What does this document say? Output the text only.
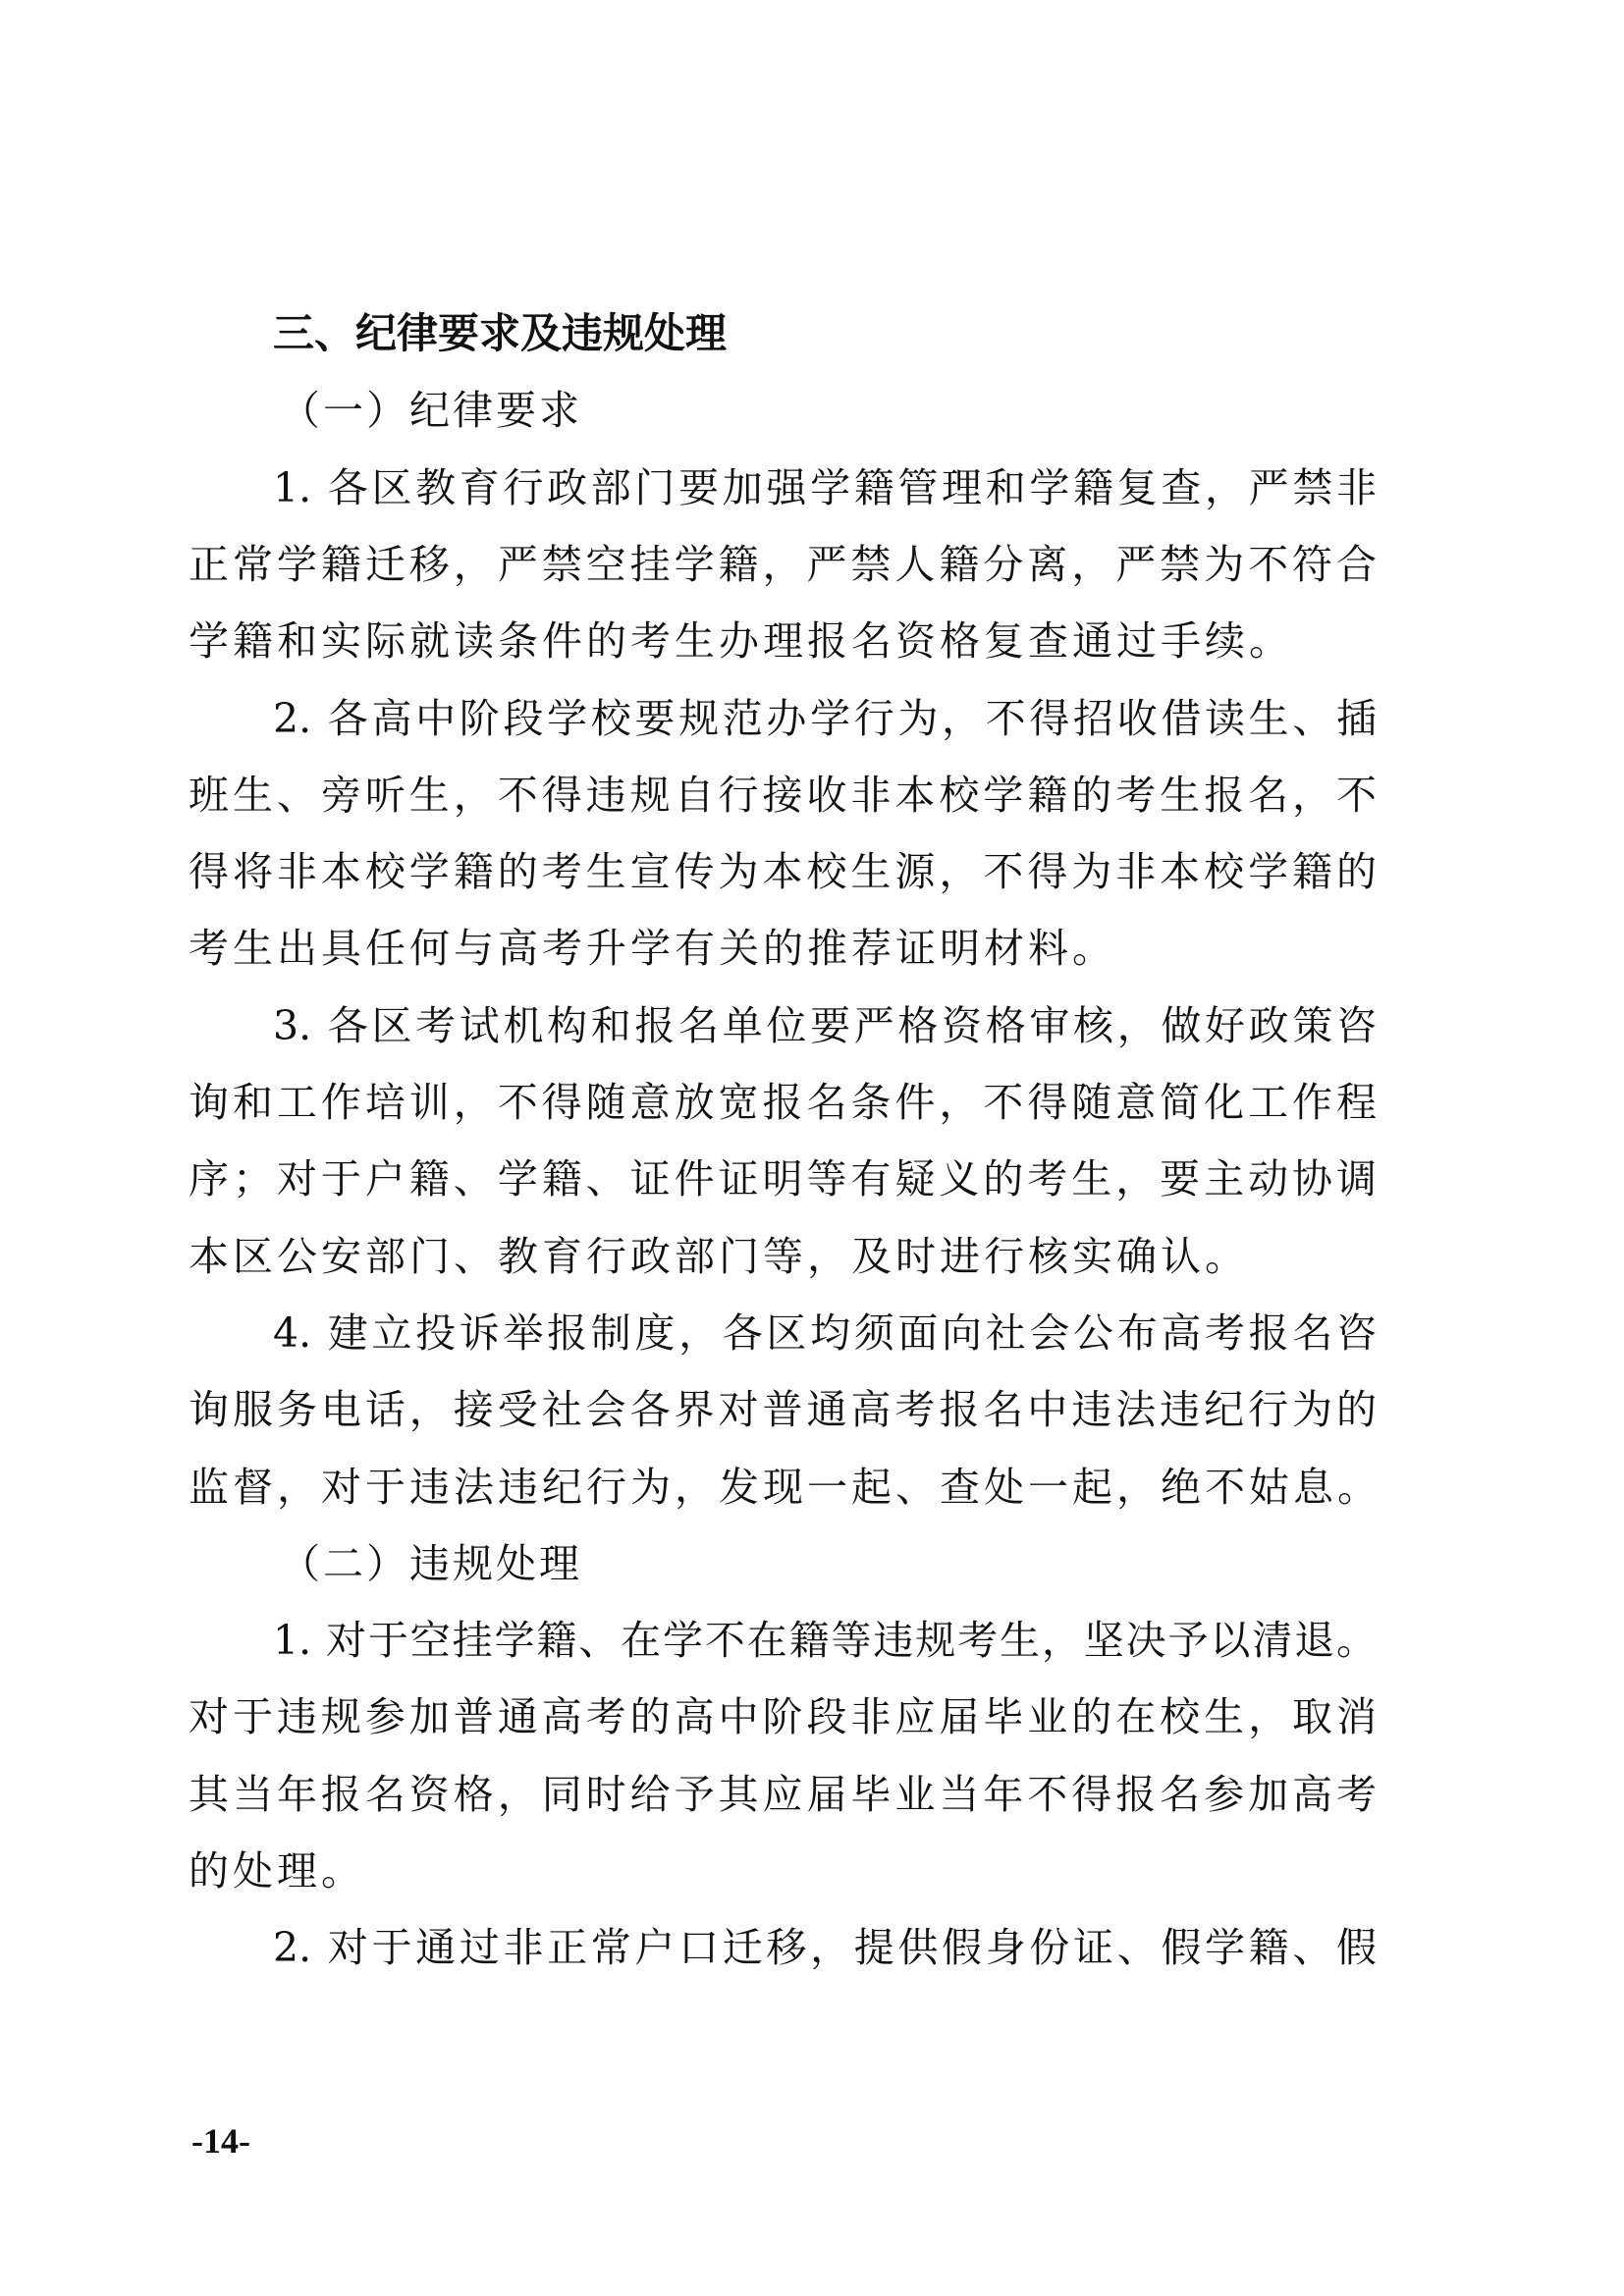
三、纪律要求及违规处理
（一）纪律要求
1. 各区教育行政部门要加强学籍管理和学籍复查，严禁非
正常学籍迁移，严禁空挂学籍，严禁人籍分离，严禁为不符合
学籍和实际就读条件的考生办理报名资格复查通过手续。
2. 各高中阶段学校要规范办学行为，不得招收借读生、插
班生、旁听生，不得违规自行接收非本校学籍的考生报名，不
得将非本校学籍的考生宣传为本校生源，不得为非本校学籍的
考生出具任何与高考升学有关的推荐证明材料。
3. 各区考试机构和报名单位要严格资格审核，做好政策咨
询和工作培训，不得随意放宽报名条件，不得随意简化工作程
序；对于户籍、学籍、证件证明等有疑义的考生，要主动协调
本区公安部门、教育行政部门等，及时进行核实确认。
4. 建立投诉举报制度，各区均须面向社会公布高考报名咨
询服务电话，接受社会各界对普通高考报名中违法违纪行为的
监督，对于违法违纪行为，发现一起、查处一起，绝不姑息。
（二）违规处理
1. 对于空挂学籍、在学不在籍等违规考生，坚决予以清退。
对于违规参加普通高考的高中阶段非应届毕业的在校生，取消
其当年报名资格，同时给予其应届毕业当年不得报名参加高考
的处理。
2. 对于通过非正常户口迁移，提供假身份证、假学籍、假
-14-
